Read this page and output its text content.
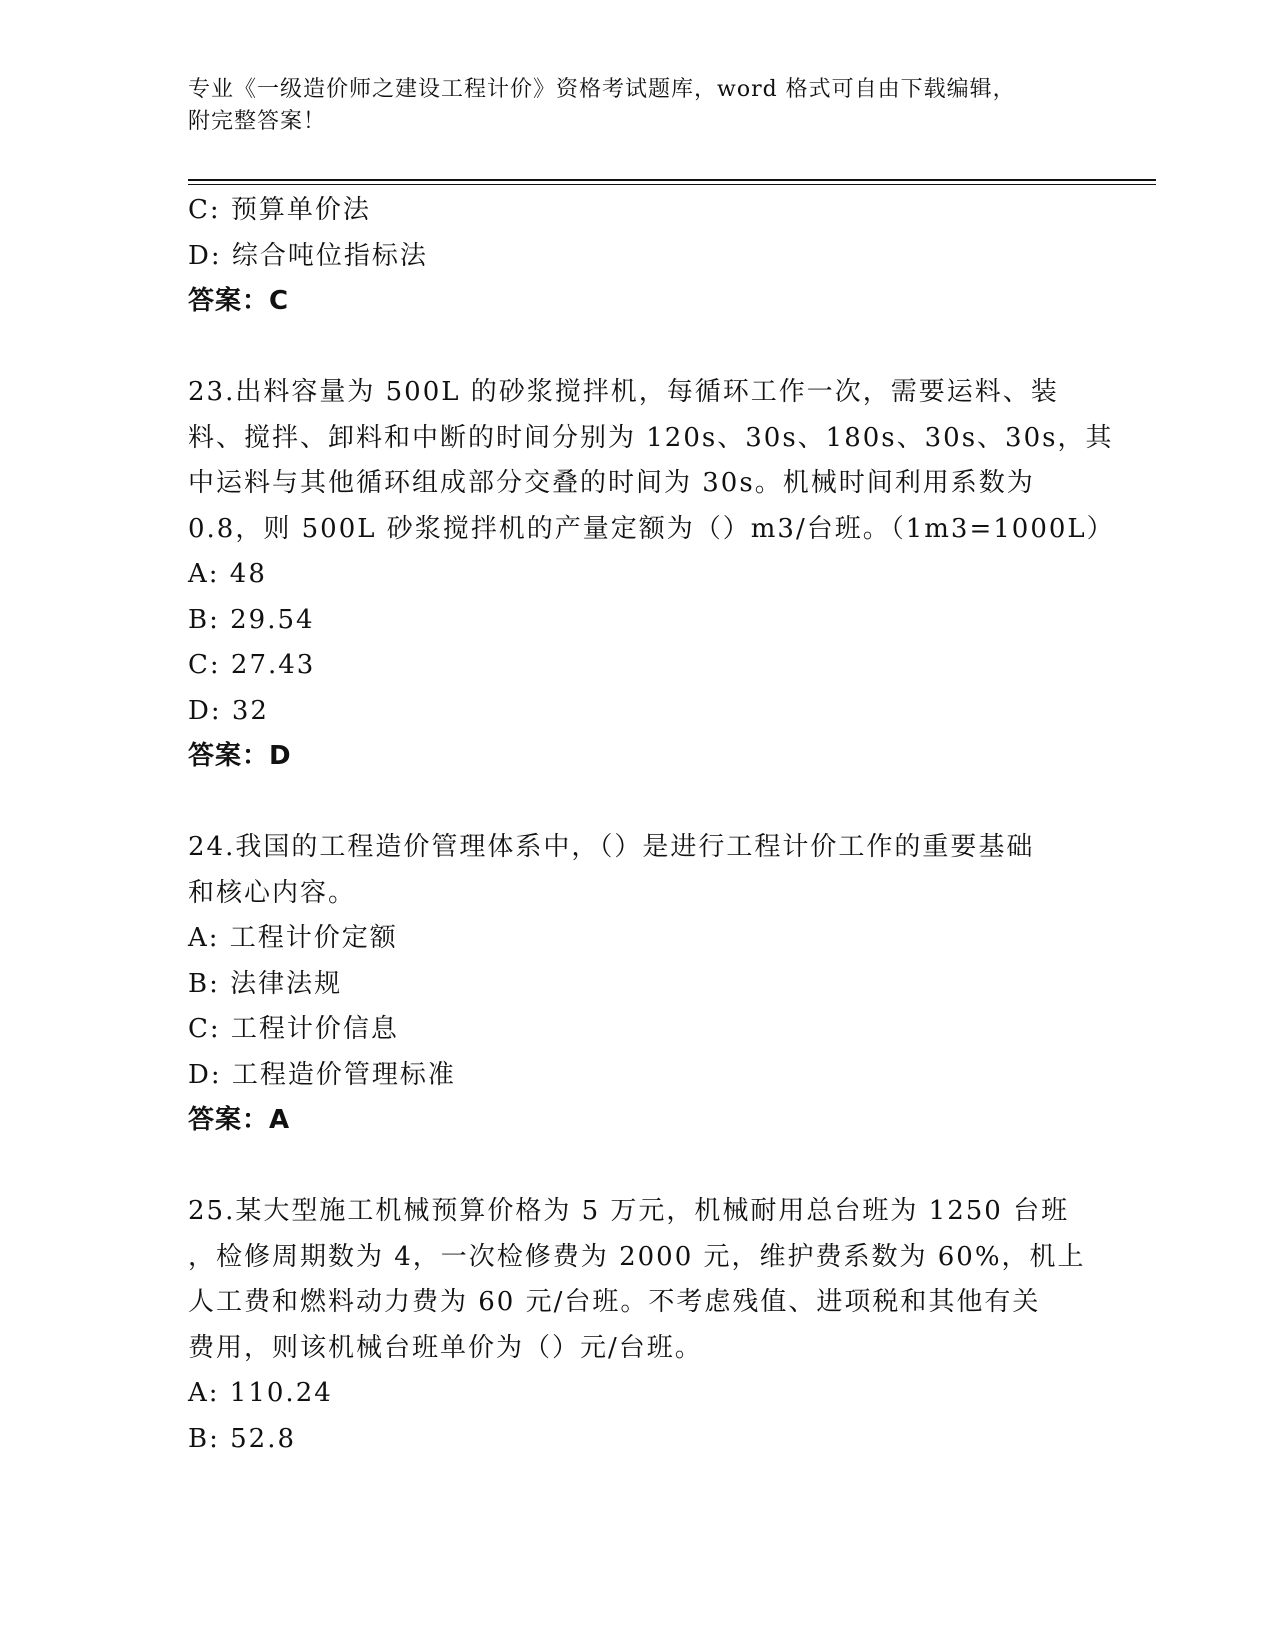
专业《一级造价师之建设工程计价》资格考试题库，word 格式可自由下载编辑，
附完整答案！
C: 预算单价法
D: 综合吨位指标法
答案：C
23.出料容量为 500L 的砂浆搅拌机，每循环工作一次，需要运料、装
料、搅拌、卸料和中断的时间分别为 120s、30s、180s、30s、30s，其
中运料与其他循环组成部分交叠的时间为 30s。机械时间利用系数为
0.8，则 500L 砂浆搅拌机的产量定额为（）m3/台班。（1m3=1000L）
A: 48
B: 29.54
C: 27.43
D: 32
答案：D
24.我国的工程造价管理体系中，（）是进行工程计价工作的重要基础
和核心内容。
A: 工程计价定额
B: 法律法规
C: 工程计价信息
D: 工程造价管理标准
答案：A
25.某大型施工机械预算价格为 5 万元，机械耐用总台班为 1250 台班
，检修周期数为 4，一次检修费为 2000 元，维护费系数为 60%，机上
人工费和燃料动力费为 60 元/台班。不考虑残值、进项税和其他有关
费用，则该机械台班单价为（）元/台班。
A: 110.24
B: 52.8
